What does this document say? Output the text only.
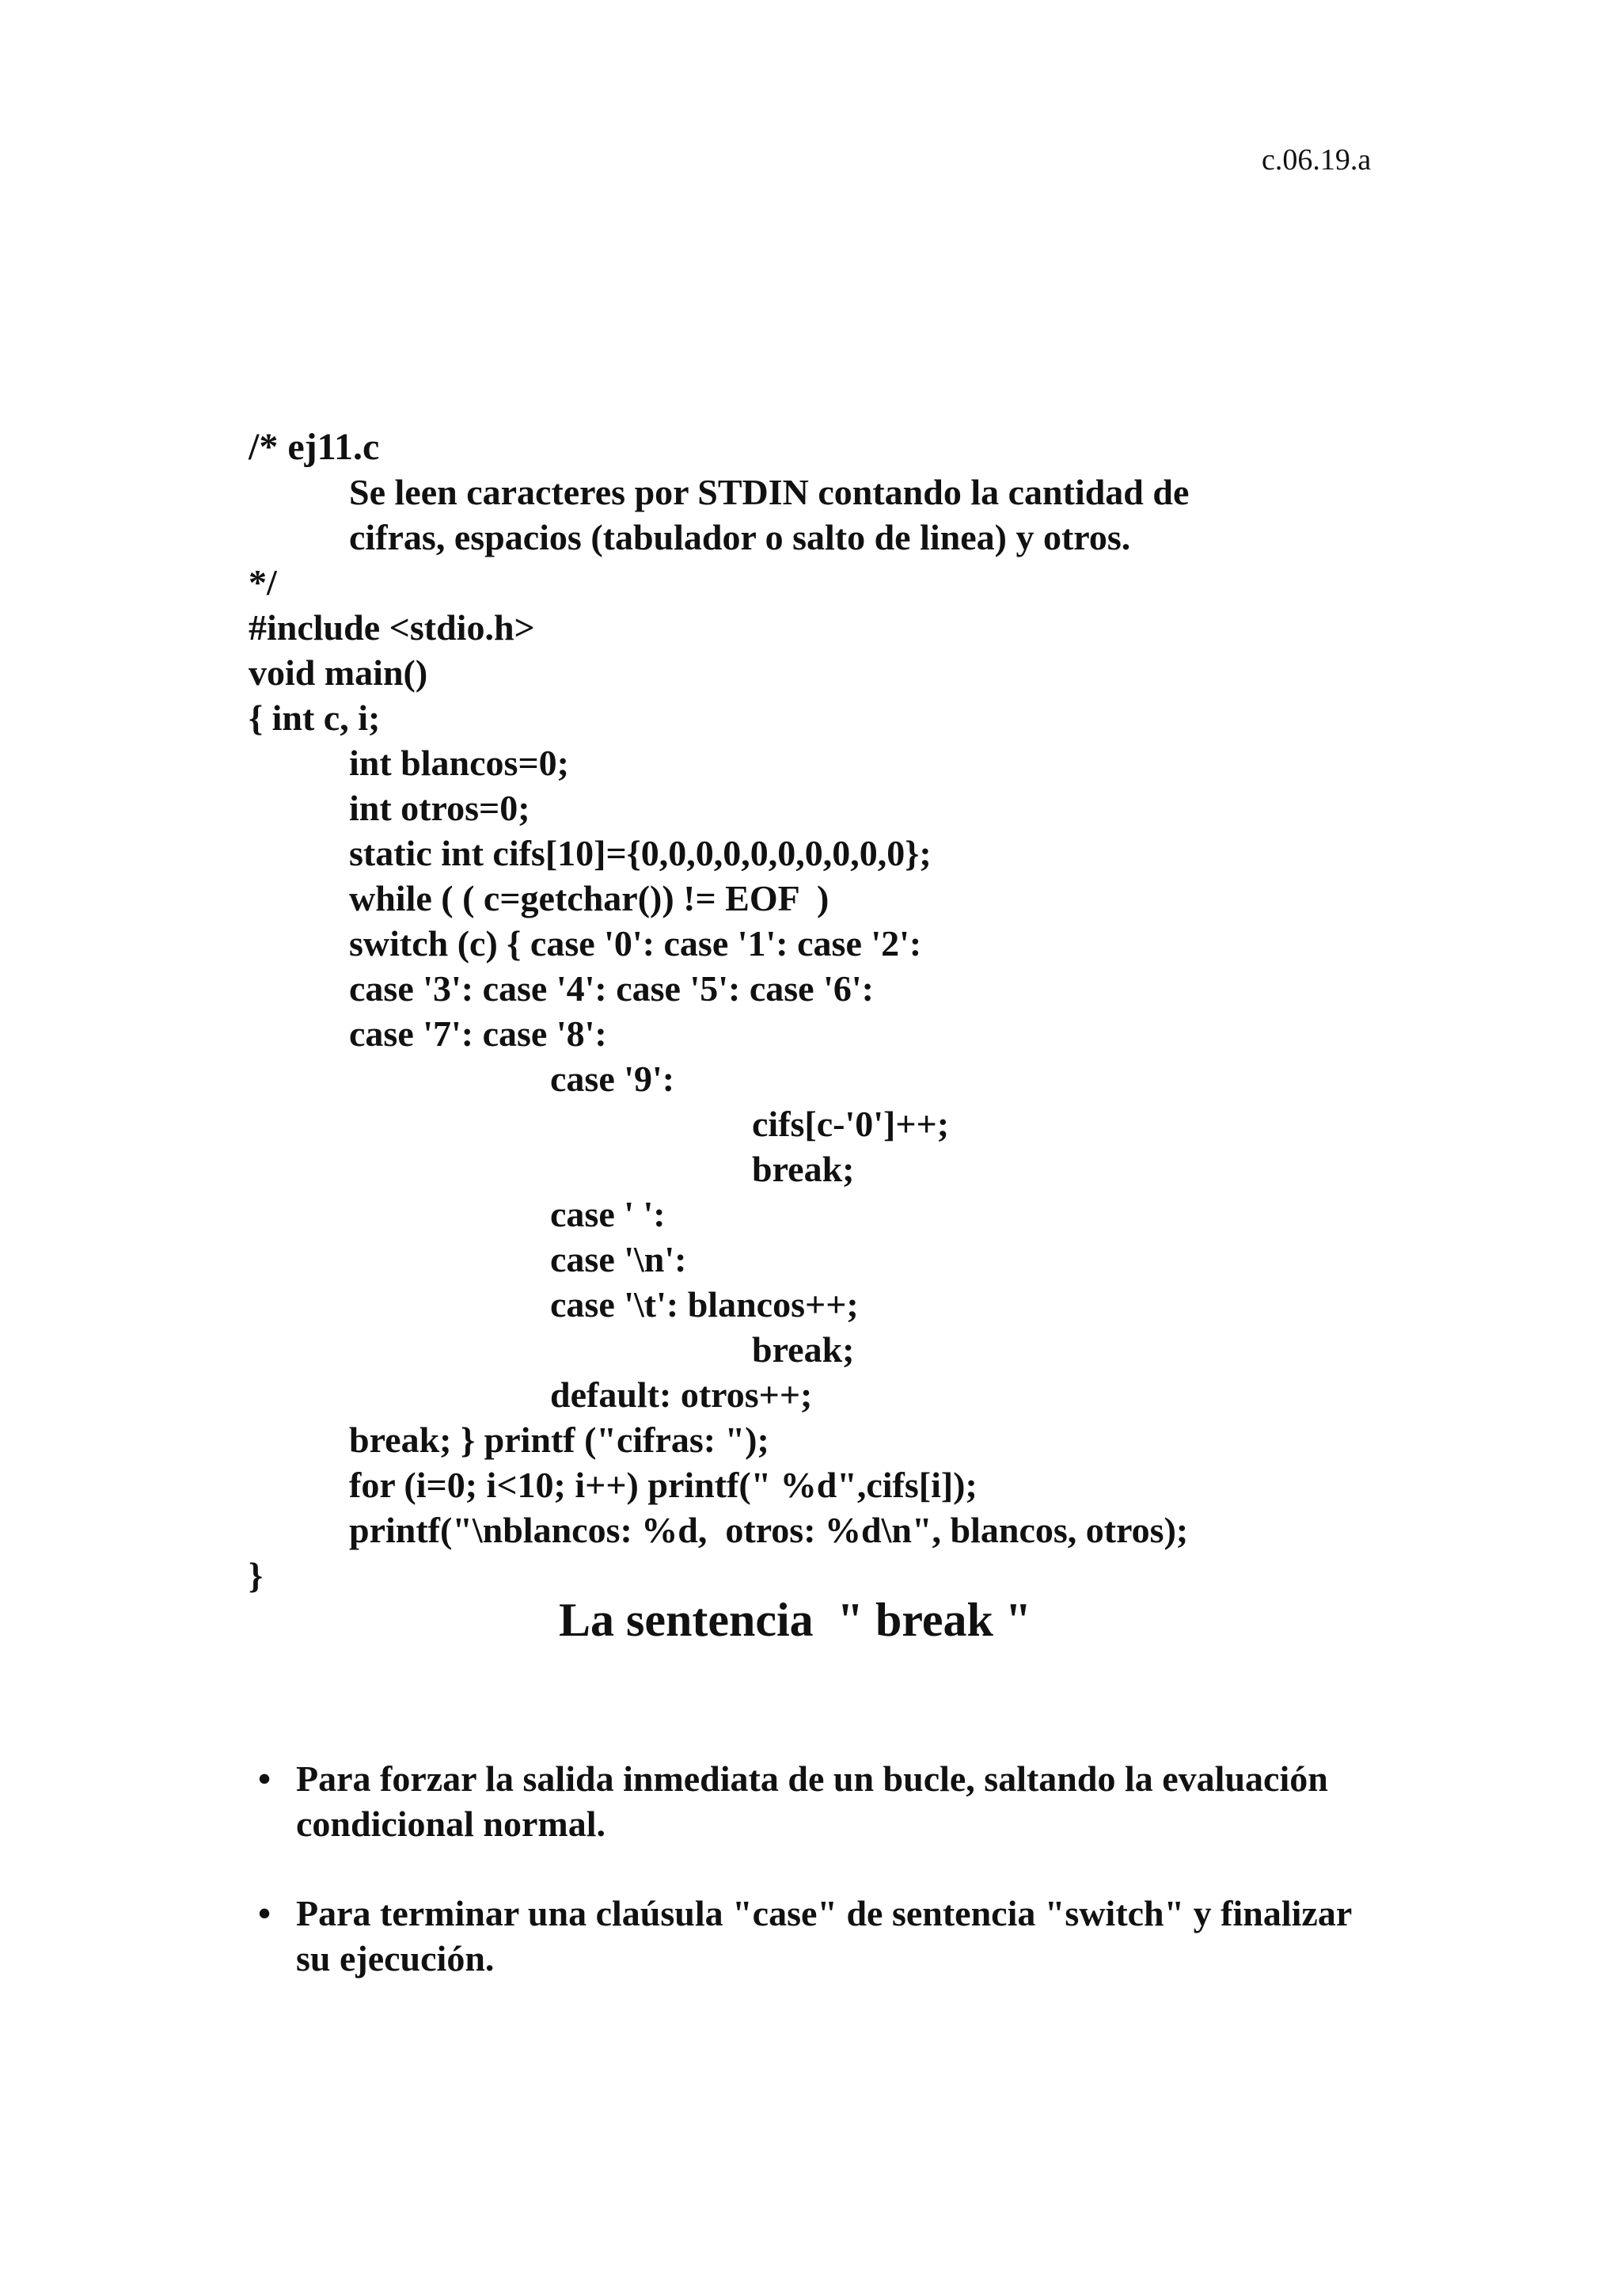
c.06.19.a
/* ej11.c
Se leen caracteres por STDIN contando la cantidad de
cifras, espacios (tabulador o salto de linea) y otros.
*/
#include <stdio.h>
void main()
{ int c, i;
int blancos=0;
int otros=0;
static int cifs[10]={0,0,0,0,0,0,0,0,0,0};
while ( ( c=getchar()) != EOF  )
switch (c) { case '0': case '1': case '2':
case '3': case '4': case '5': case '6':
case '7': case '8':
case '9':
cifs[c-'0']++;
break;
case ' ':
case '\n':
case '\t': blancos++;
break;
default: otros++;
break; } printf ("cifras: ");
for (i=0; i<10; i++) printf(" %d",cifs[i]);
printf("\nblancos: %d,  otros: %d\n", blancos, otros);
}
La sentencia  " break "
• Para forzar la salida inmediata de un bucle, saltando la evaluación condicional normal.
• Para terminar una claúsula "case" de sentencia "switch" y finalizar su ejecución.
